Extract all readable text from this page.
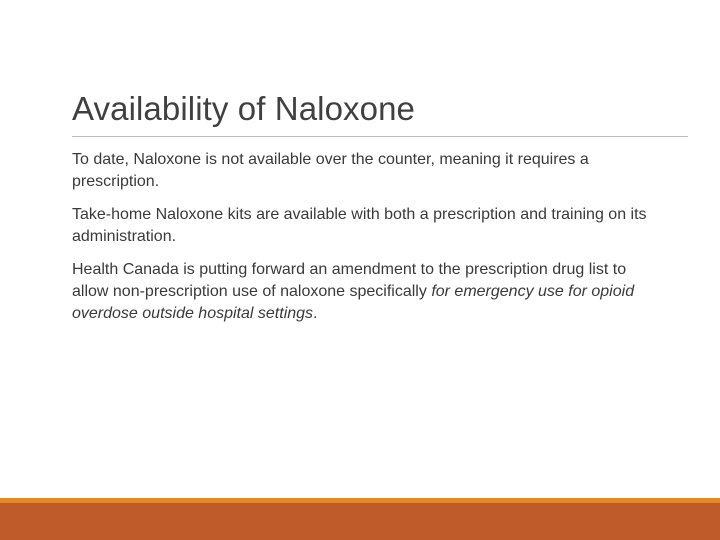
Availability of Naloxone

To date, Naloxone is not available over the counter, meaning it requires a prescription.

Take-home Naloxone kits are available with both a prescription and training on its administration.

Health Canada is putting forward an amendment to the prescription drug list to allow non-prescription use of naloxone specifically for emergency use for opioid overdose outside hospital settings.
